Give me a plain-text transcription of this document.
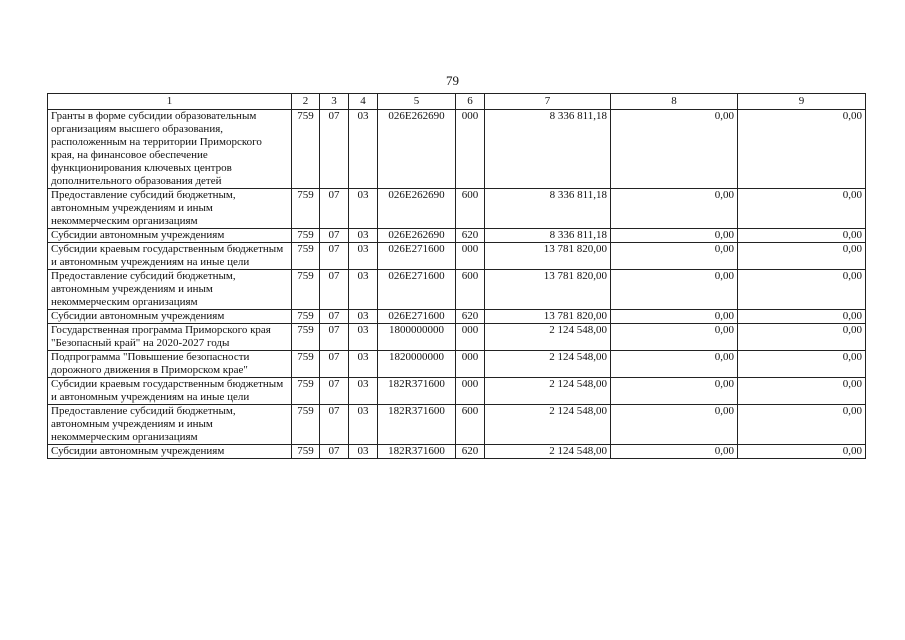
79
1	2	3	4	5	6	7	8	9
Гранты в форме субсидии образовательным организациям высшего образования, расположенным на территории Приморского края, на финансовое обеспечение функционирования ключевых центров дополнительного образования детей	759	07	03	026E262690	000	8 336 811,18	0,00	0,00
Предоставление субсидий бюджетным, автономным учреждениям и иным некоммерческим организациям	759	07	03	026E262690	600	8 336 811,18	0,00	0,00
Субсидии автономным учреждениям	759	07	03	026E262690	620	8 336 811,18	0,00	0,00
Субсидии краевым государственным бюджетным и автономным учреждениям на иные цели	759	07	03	026E271600	000	13 781 820,00	0,00	0,00
Предоставление субсидий бюджетным, автономным учреждениям и иным некоммерческим организациям	759	07	03	026E271600	600	13 781 820,00	0,00	0,00
Субсидии автономным учреждениям	759	07	03	026E271600	620	13 781 820,00	0,00	0,00
Государственная программа Приморского края "Безопасный край" на 2020-2027 годы	759	07	03	1800000000	000	2 124 548,00	0,00	0,00
Подпрограмма "Повышение безопасности дорожного движения в Приморском крае"	759	07	03	1820000000	000	2 124 548,00	0,00	0,00
Субсидии краевым государственным бюджетным и автономным учреждениям на иные цели	759	07	03	182R371600	000	2 124 548,00	0,00	0,00
Предоставление субсидий бюджетным, автономным учреждениям и иным некоммерческим организациям	759	07	03	182R371600	600	2 124 548,00	0,00	0,00
Субсидии автономным учреждениям	759	07	03	182R371600	620	2 124 548,00	0,00	0,00
